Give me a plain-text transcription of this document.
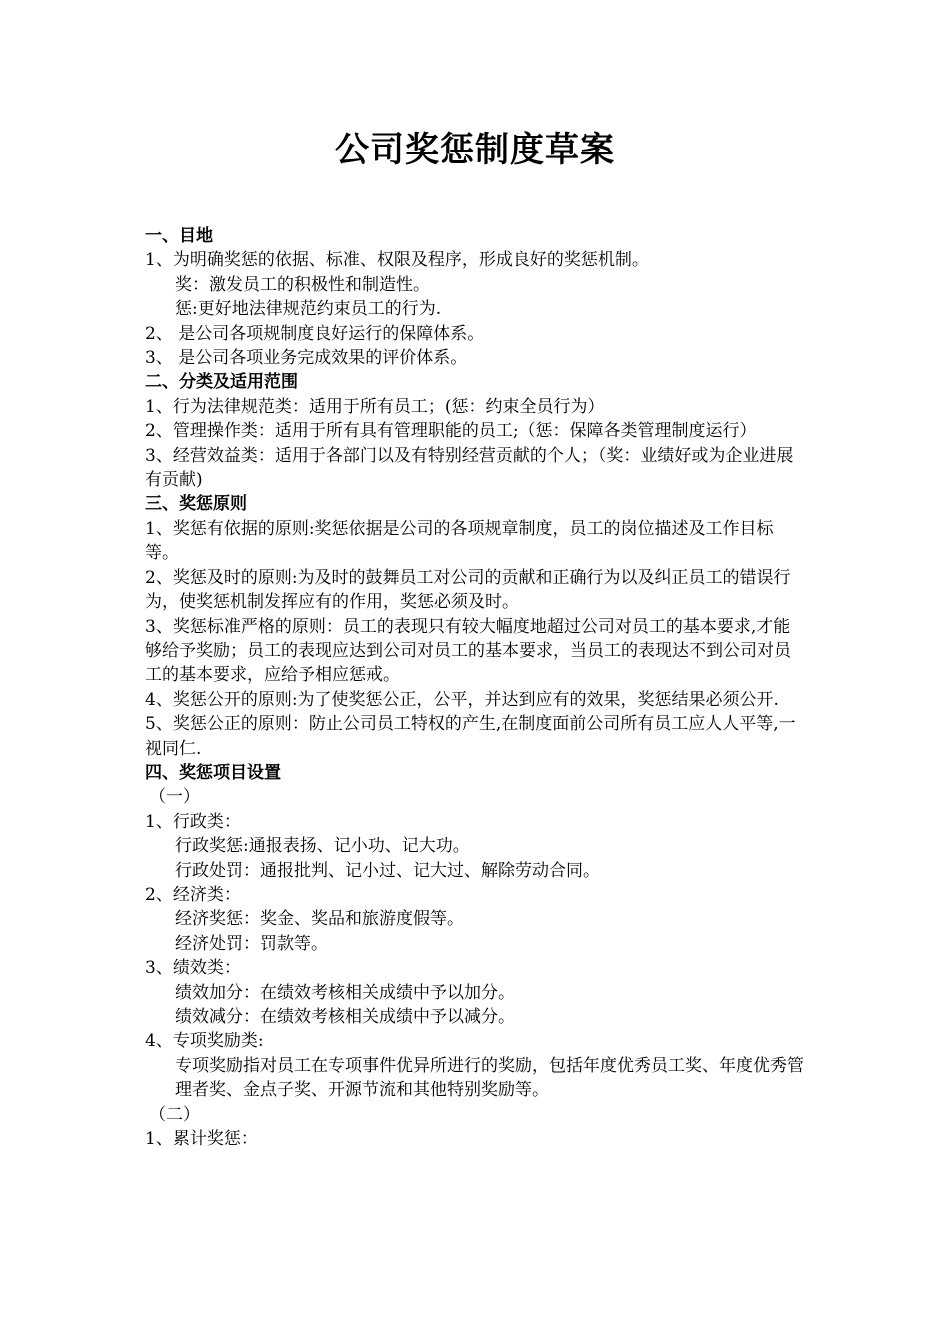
公司奖惩制度草案
一、目地
1、为明确奖惩的依据、标准、权限及程序，形成良好的奖惩机制。
奖：激发员工的积极性和制造性。
惩:更好地法律规范约束员工的行为.
2、 是公司各项规制度良好运行的保障体系。
3、 是公司各项业务完成效果的评价体系。
二、分类及适用范围
1、行为法律规范类：适用于所有员工；(惩：约束全员行为）
2、管理操作类：适用于所有具有管理职能的员工;（惩：保障各类管理制度运行）
3、经营效益类：适用于各部门以及有特别经营贡献的个人；（奖：业绩好或为企业进展有贡献)
三、奖惩原则
1、奖惩有依据的原则:奖惩依据是公司的各项规章制度，员工的岗位描述及工作目标等。
2、奖惩及时的原则:为及时的鼓舞员工对公司的贡献和正确行为以及纠正员工的错误行为，使奖惩机制发挥应有的作用，奖惩必须及时。
3、奖惩标准严格的原则：员工的表现只有较大幅度地超过公司对员工的基本要求,才能够给予奖励；员工的表现应达到公司对员工的基本要求，当员工的表现达不到公司对员工的基本要求，应给予相应惩戒。
4、奖惩公开的原则:为了使奖惩公正，公平，并达到应有的效果，奖惩结果必须公开.
5、奖惩公正的原则：防止公司员工特权的产生,在制度面前公司所有员工应人人平等,一视同仁.
四、奖惩项目设置
（一）
1、行政类：
行政奖惩:通报表扬、记小功、记大功。
行政处罚：通报批判、记小过、记大过、解除劳动合同。
2、经济类：
经济奖惩：奖金、奖品和旅游度假等。
经济处罚：罚款等。
3、绩效类：
绩效加分：在绩效考核相关成绩中予以加分。
绩效减分：在绩效考核相关成绩中予以减分。
4、专项奖励类:
专项奖励指对员工在专项事件优异所进行的奖励，包括年度优秀员工奖、年度优秀管理者奖、金点子奖、开源节流和其他特别奖励等。
（二）
1、累计奖惩：
